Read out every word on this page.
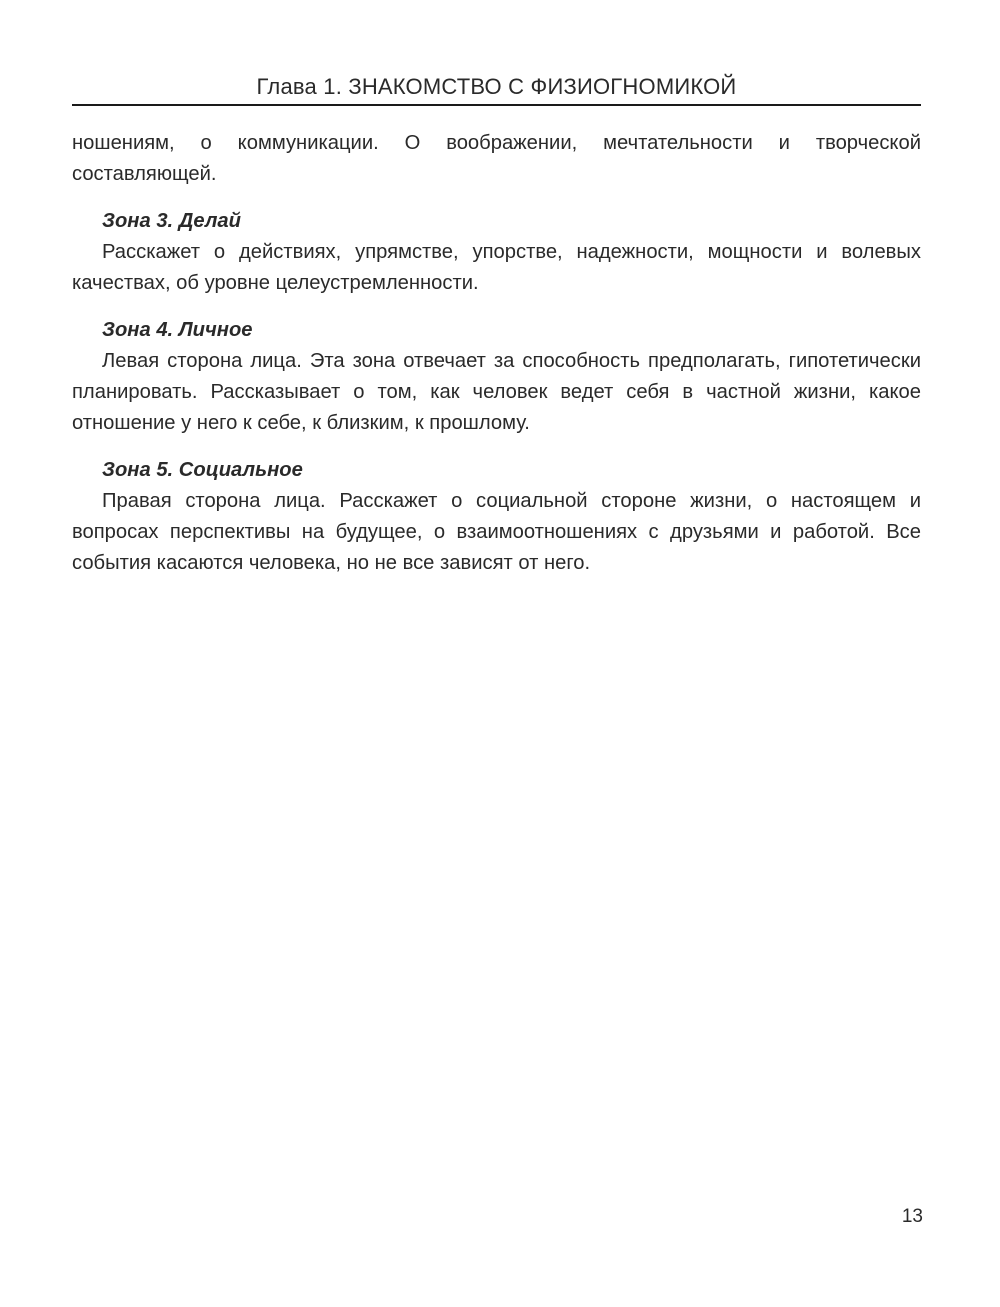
Глава 1. ЗНАКОМСТВО С ФИЗИОГНОМИКОЙ

ношениям, о коммуникации. О воображении, мечтательности и творческой составляющей.

Зона 3. Делай

Расскажет о действиях, упрямстве, упорстве, надежности, мощности и волевых качествах, об уровне целеустремленности.

Зона 4. Личное

Левая сторона лица. Эта зона отвечает за способность предполагать, гипотетически планировать. Рассказывает о том, как человек ведет себя в частной жизни, какое отношение у него к себе, к близким, к прошлому.

Зона 5. Социальное

Правая сторона лица. Расскажет о социальной стороне жизни, о настоящем и вопросах перспективы на будущее, о взаимоотношениях с друзьями и работой. Все события касаются человека, но не все зависят от него.

13
